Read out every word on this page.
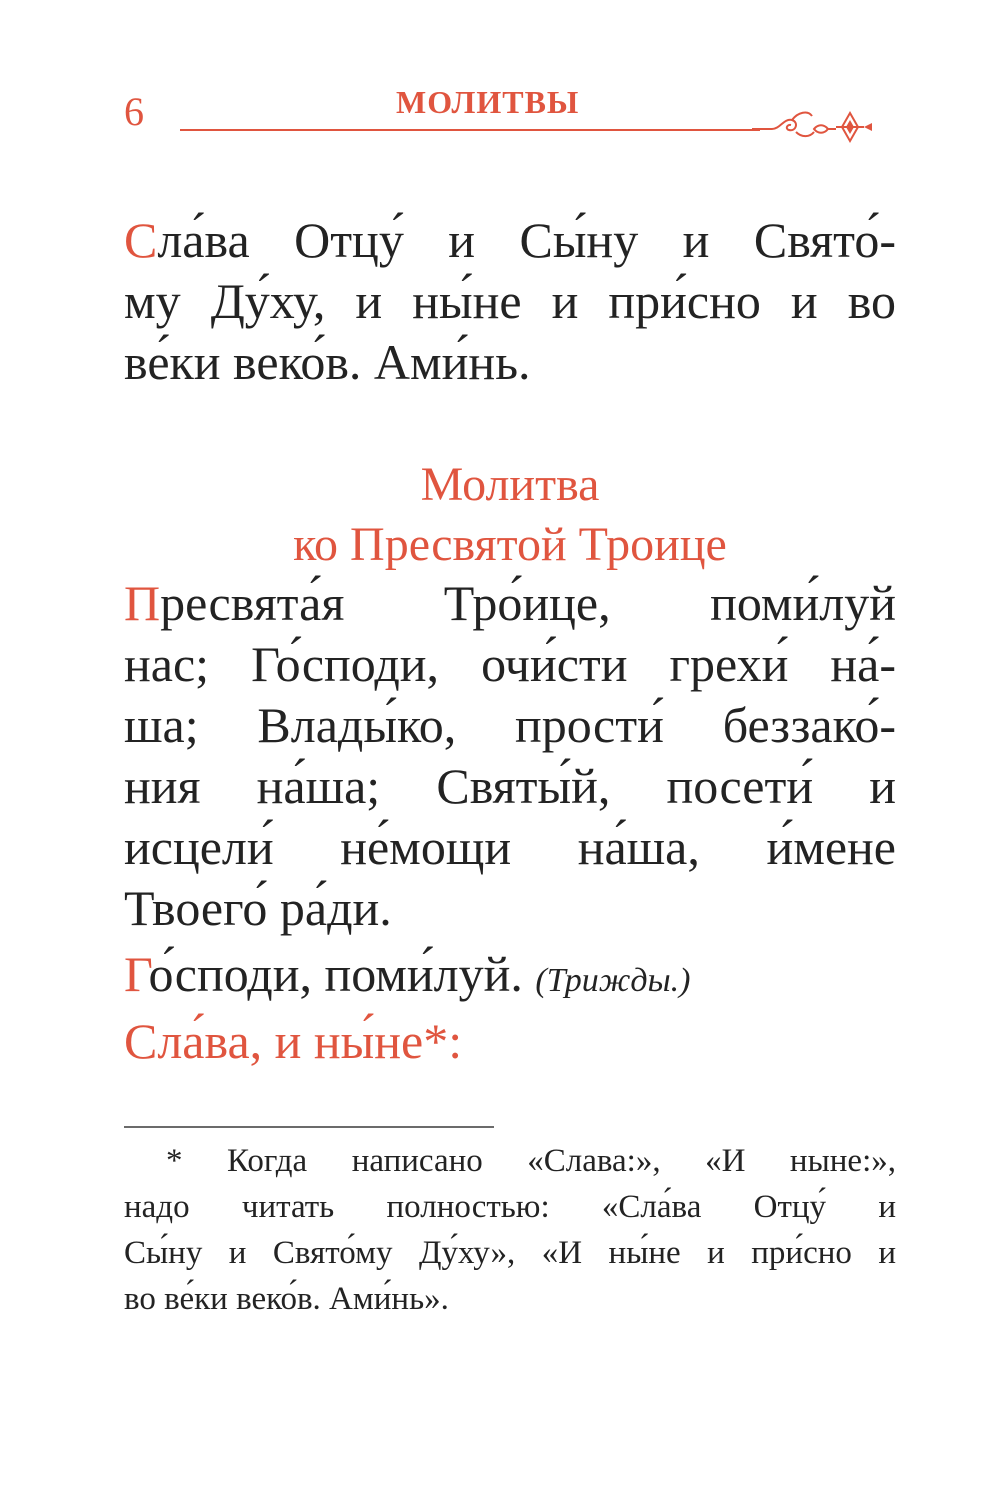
6	МОЛИТВЫ
Сла́ва Отцу́ и Сы́ну и Свято́-
му Ду́ху, и ны́не и при́сно и во
ве́ки веко́в. Ами́нь.
Молитва
ко Пресвятой Троице
Пресвята́я Тро́ице, поми́луй
нас; Го́споди, очи́сти грехи́ на́-
ша; Влады́ко, прости́ беззако́-
ния на́ша; Святы́й, посети́ и
исцели́ не́мощи на́ша, и́мене
Твоего́ ра́ди.
Го́споди, поми́луй. (Трижды.)
Сла́ва, и ны́не*:
* Когда написано «Слава:», «И ныне:»,
надо читать полностью: «Сла́ва Отцу́ и
Сы́ну и Свято́му Ду́ху», «И ны́не и при́сно и
во ве́ки веко́в. Ами́нь».
